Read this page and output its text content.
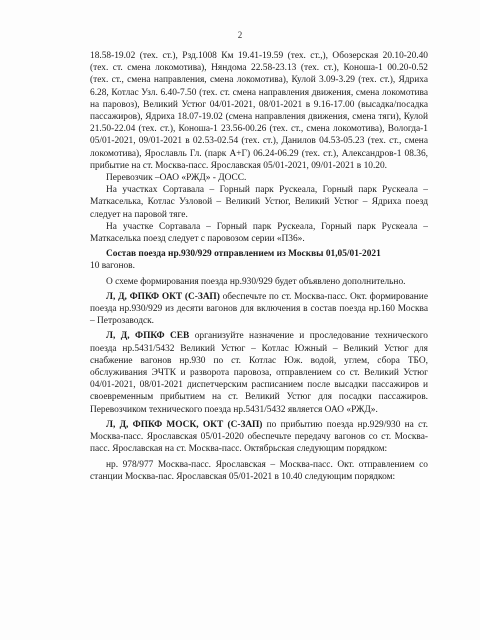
2

18.58-19.02 (тех. ст.), Рзд.1008 Км 19.41-19.59 (тех. ст.,), Обозерская 20.10-20.40 (тех. ст. смена локомотива), Няндома 22.58-23.13 (тех. ст.), Коноша-1 00.20-0.52 (тех. ст., смена направления, смена локомотива), Кулой 3.09-3.29 (тех. ст.), Ядриха 6.28, Котлас Узл. 6.40-7.50 (тех. ст. смена направления движения, смена локомотива на паровоз), Великий Устюг 04/01-2021, 08/01-2021 в 9.16-17.00 (высадка/посадка пассажиров), Ядриха 18.07-19.02 (смена направления движения, смена тяги), Кулой 21.50-22.04 (тех. ст.), Коноша-1 23.56-00.26 (тех. ст., смена локомотива), Вологда-1 05/01-2021, 09/01-2021 в 02.53-02.54 (тех. ст.), Данилов 04.53-05.23 (тех. ст., смена локомотива), Ярославль Гл. (парк А+Г) 06.24-06.29 (тех. ст.), Александров-1 08.36, прибытие на ст. Москва-пасс. Ярославская 05/01-2021, 09/01-2021 в 10.20.

Перевозчик –ОАО «РЖД» - ДОСС.

На участках Сортавала – Горный парк Рускеала, Горный парк Рускеала – Маткаселька, Котлас Узловой – Великий Устюг, Великий Устюг – Ядриха поезд следует на паровой тяге.

На участке Сортавала – Горный парк Рускеала, Горный парк Рускеала – Маткаселька поезд следует с паровозом серии «П36».

Состав поезда нр.930/929 отправлением из Москвы 01,05/01-2021
10 вагонов.

О схеме формирования поезда нр.930/929 будет объявлено дополнительно.

Л, Д, ФПКФ ОКТ (С-ЗАП) обеспечьте по ст. Москва-пасс. Окт. формирование поезда нр.930/929 из десяти вагонов для включения в состав поезда нр.160 Москва – Петрозаводск.

Л, Д, ФПКФ СЕВ организуйте назначение и проследование технического поезда нр.5431/5432 Великий Устюг – Котлас Южный – Великий Устюг для снабжение вагонов нр.930 по ст. Котлас Юж. водой, углем, сбора ТБО, обслуживания ЭЧТК и разворота паровоза, отправлением со ст. Великий Устюг 04/01-2021, 08/01-2021 диспетчерским расписанием после высадки пассажиров и своевременным прибытием на ст. Великий Устюг для посадки пассажиров. Перевозчиком технического поезда нр.5431/5432 является ОАО «РЖД».

Л, Д, ФПКФ МОСК, ОКТ (С-ЗАП) по прибытию поезда нр.929/930 на ст. Москва-пасс. Ярославская 05/01-2020 обеспечьте передачу вагонов со ст. Москва-пасс. Ярославская на ст. Москва-пасс. Октябрьская следующим порядком:

нр. 978/977 Москва-пасс. Ярославская – Москва-пасс. Окт. отправлением со станции Москва-пас. Ярославская 05/01-2021 в 10.40 следующим порядком:
